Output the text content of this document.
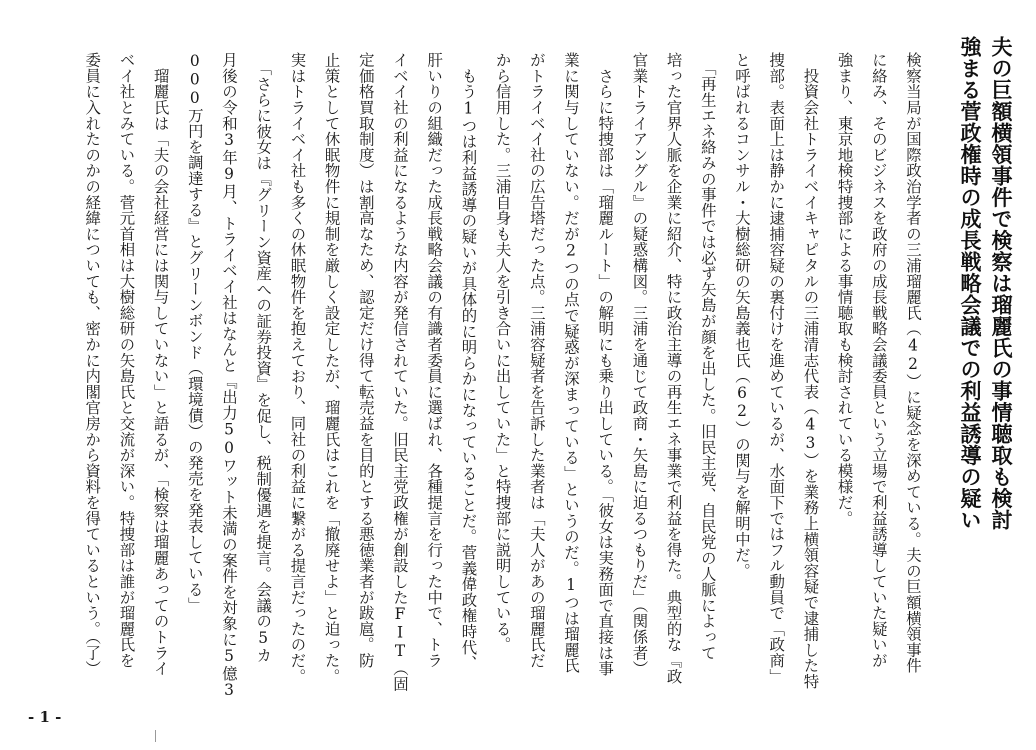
夫の巨額横領事件で検察は瑠麗氏の事情聴取も検討
強まる菅政権時の成長戦略会議での利益誘導の疑い
検察当局が国際政治学者の三浦瑠麗氏（42）に疑念を深めている。夫の巨額横領事件
に絡み、そのビジネスを政府の成長戦略会議委員という立場で利益誘導していた疑いが
強まり、東京地検特捜部による事情聴取も検討されている模様だ。
　投資会社トライベイキャピタルの三浦清志代表（43）を業務上横領容疑で逮捕した特
捜部。表面上は静かに逮捕容疑の裏付けを進めているが、水面下ではフル動員で「政商」
と呼ばれるコンサル・大樹総研の矢島義也氏（62）の関与を解明中だ。
　「再生エネ絡みの事件では必ず矢島が顔を出した。旧民主党、自民党の人脈によって
培った官界人脈を企業に紹介、特に政治主導の再生エネ事業で利益を得た。典型的な『政
官業トライアングル』の疑惑構図。三浦を通じて政商・矢島に迫るつもりだ」（関係者）
　さらに特捜部は「瑠麗ルート」の解明にも乗り出している。「彼女は実務面で直接は事
業に関与していない。だが2つの点で疑惑が深まっている」というのだ。1つは瑠麗氏
がトライベイ社の広告塔だった点。三浦容疑者を告訴した業者は「夫人があの瑠麗氏だ
から信用した。三浦自身も夫人を引き合いに出していた」と特捜部に説明している。
　もう1つは利益誘導の疑いが具体的に明らかになっていることだ。菅義偉政権時代、
肝いりの組織だった成長戦略会議の有識者委員に選ばれ、各種提言を行った中で、トラ
イベイ社の利益になるような内容が発信されていた。旧民主党政権が創設したFIT（固
定価格買取制度）は割高なため、認定だけ得て転売益を目的とする悪徳業者が跋扈。防
止策として休眠物件に規制を厳しく設定したが、瑠麗氏はこれを「撤廃せよ」と迫った。
実はトライベイ社も多くの休眠物件を抱えており、同社の利益に繋がる提言だったのだ。
　「さらに彼女は『グリーン資産への証券投資』を促し、税制優遇を提言。会議の5カ
月後の令和3年9月、トライベイ社はなんと『出力50ワット未満の案件を対象に5億3
000万円を調達する』とグリーンボンド（環境債）の発売を発表している」
　瑠麗氏は「夫の会社経営には関与していない」と語るが、「検察は瑠麗あってのトライ
ベイ社とみている。菅元首相は大樹総研の矢島氏と交流が深い。特捜部は誰が瑠麗氏を
委員に入れたのかの経緯についても、密かに内閣官房から資料を得ているという。（了）
- 1 -
